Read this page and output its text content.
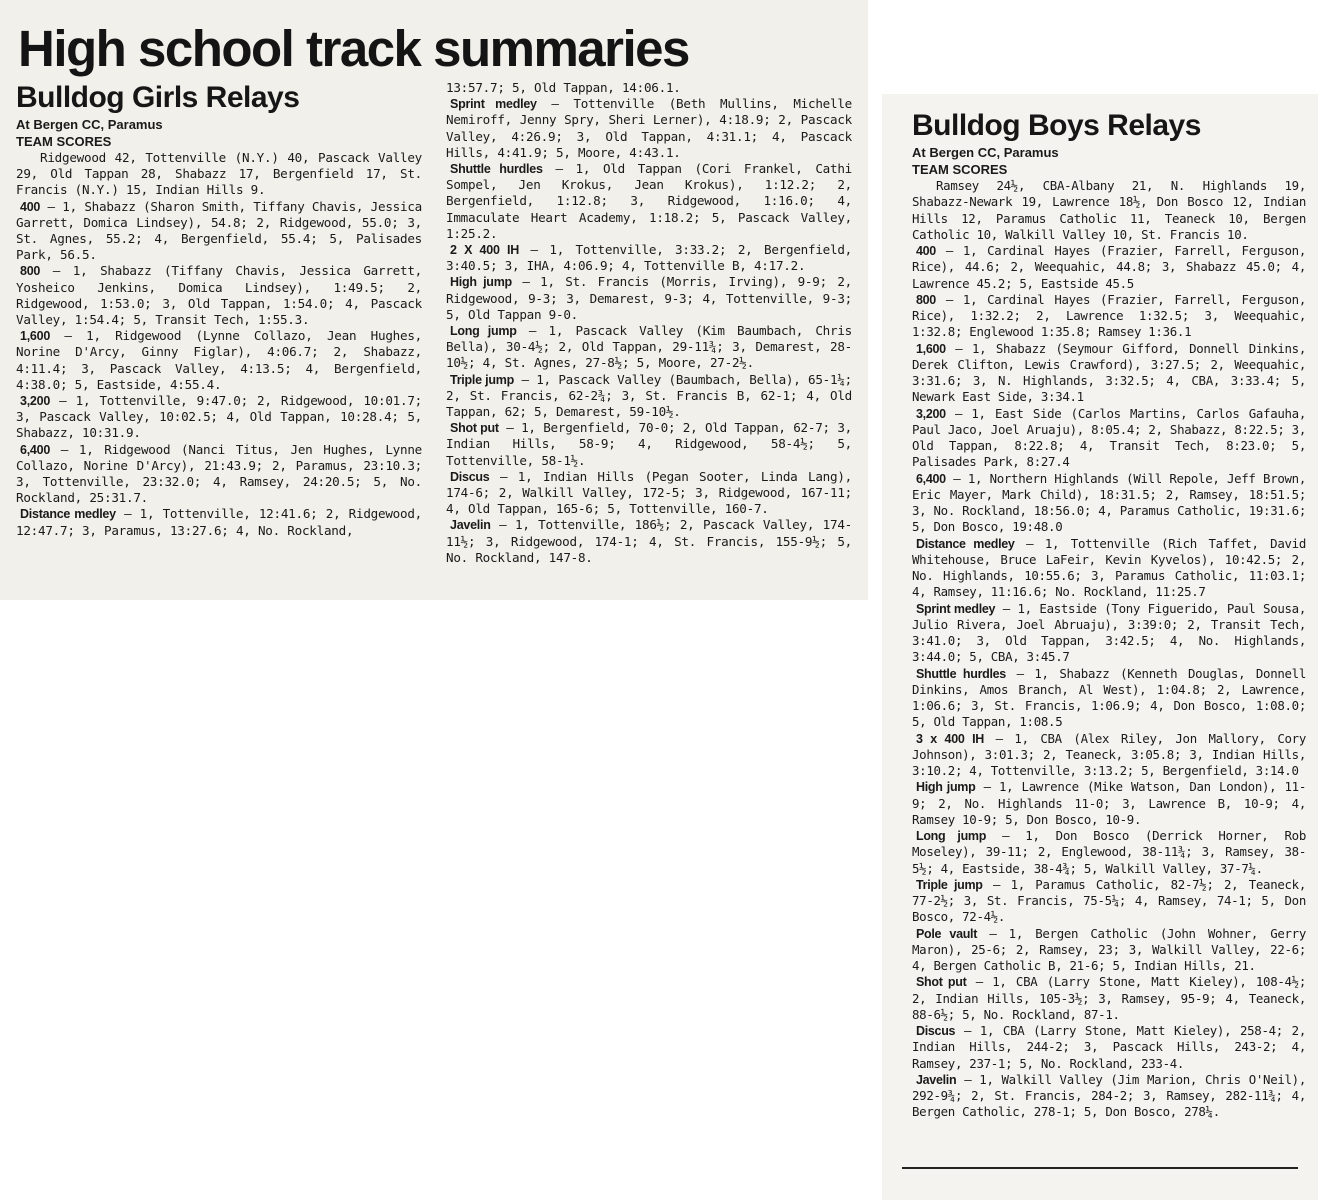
High school track summaries
Bulldog Girls Relays

At Bergen CC, Paramus

TEAM SCORES

Ridgewood 42, Tottenville (N.Y.) 40, Pascack Valley 29, Old Tappan 28, Shabazz 17, Bergenfield 17, St. Francis (N.Y.) 15, Indian Hills 9.

400 — 1, Shabazz (Sharon Smith, Tiffany Chavis, Jessica Garrett, Domica Lindsey), 54.8; 2, Ridgewood, 55.0; 3, St. Agnes, 55.2; 4, Bergenfield, 55.4; 5, Palisades Park, 56.5.

800 — 1, Shabazz (Tiffany Chavis, Jessica Garrett, Yosheico Jenkins, Domica Lindsey), 1:49.5; 2, Ridgewood, 1:53.0; 3, Old Tappan, 1:54.0; 4, Pascack Valley, 1:54.4; 5, Transit Tech, 1:55.3.

1,600 — 1, Ridgewood (Lynne Collazo, Jean Hughes, Norine D'Arcy, Ginny Figlar), 4:06.7; 2, Shabazz, 4:11.4; 3, Pascack Valley, 4:13.5; 4, Bergenfield, 4:38.0; 5, Eastside, 4:55.4.

3,200 — 1, Tottenville, 9:47.0; 2, Ridgewood, 10:01.7; 3, Pascack Valley, 10:02.5; 4, Old Tappan, 10:28.4; 5, Shabazz, 10:31.9.

6,400 — 1, Ridgewood (Nanci Titus, Jen Hughes, Lynne Collazo, Norine D'Arcy), 21:43.9; 2, Paramus, 23:10.3; 3, Tottenville, 23:32.0; 4, Ramsey, 24:20.5; 5, No. Rockland, 25:31.7.

Distance medley — 1, Tottenville, 12:41.6; 2, Ridgewood, 12:47.7; 3, Paramus, 13:27.6; 4, No. Rockland,

13:57.7; 5, Old Tappan, 14:06.1.

Sprint medley — Tottenville (Beth Mullins, Michelle Nemiroff, Jenny Spry, Sheri Lerner), 4:18.9; 2, Pascack Valley, 4:26.9; 3, Old Tappan, 4:31.1; 4, Pascack Hills, 4:41.9; 5, Moore, 4:43.1.

Shuttle hurdles — 1, Old Tappan (Cori Frankel, Cathi Sompel, Jen Krokus, Jean Krokus), 1:12.2; 2, Bergenfield, 1:12.8; 3, Ridgewood, 1:16.0; 4, Immaculate Heart Academy, 1:18.2; 5, Pascack Valley, 1:25.2.

2 X 400 IH — 1, Tottenville, 3:33.2; 2, Bergenfield, 3:40.5; 3, IHA, 4:06.9; 4, Tottenville B, 4:17.2.

High jump — 1, St. Francis (Morris, Irving), 9-9; 2, Ridgewood, 9-3; 3, Demarest, 9-3; 4, Tottenville, 9-3; 5, Old Tappan 9-0.

Long jump — 1, Pascack Valley (Kim Baumbach, Chris Bella), 30-4½; 2, Old Tappan, 29-11¾; 3, Demarest, 28-10½; 4, St. Agnes, 27-8½; 5, Moore, 27-2½.

Triple jump — 1, Pascack Valley (Baumbach, Bella), 65-1¼; 2, St. Francis, 62-2¾; 3, St. Francis B, 62-1; 4, Old Tappan, 62; 5, Demarest, 59-10½.

Shot put — 1, Bergenfield, 70-0; 2, Old Tappan, 62-7; 3, Indian Hills, 58-9; 4, Ridgewood, 58-4½; 5, Tottenville, 58-1½.

Discus — 1, Indian Hills (Pegan Sooter, Linda Lang), 174-6; 2, Walkill Valley, 172-5; 3, Ridgewood, 167-11; 4, Old Tappan, 165-6; 5, Tottenville, 160-7.

Javelin — 1, Tottenville, 186½; 2, Pascack Valley, 174-11½; 3, Ridgewood, 174-1; 4, St. Francis, 155-9½; 5, No. Rockland, 147-8.

Bulldog Boys Relays

At Bergen CC, Paramus

TEAM SCORES

Ramsey 24½, CBA-Albany 21, N. Highlands 19, Shabazz-Newark 19, Lawrence 18½, Don Bosco 12, Indian Hills 12, Paramus Catholic 11, Teaneck 10, Bergen Catholic 10, Walkill Valley 10, St. Francis 10.

400 — 1, Cardinal Hayes (Frazier, Farrell, Ferguson, Rice), 44.6; 2, Weequahic, 44.8; 3, Shabazz 45.0; 4, Lawrence 45.2; 5, Eastside 45.5

800 — 1, Cardinal Hayes (Frazier, Farrell, Ferguson, Rice), 1:32.2; 2, Lawrence 1:32.5; 3, Weequahic, 1:32.8; Englewood 1:35.8; Ramsey 1:36.1

1,600 — 1, Shabazz (Seymour Gifford, Donnell Dinkins, Derek Clifton, Lewis Crawford), 3:27.5; 2, Weequahic, 3:31.6; 3, N. Highlands, 3:32.5; 4, CBA, 3:33.4; 5, Newark East Side, 3:34.1

3,200 — 1, East Side (Carlos Martins, Carlos Gafauha, Paul Jaco, Joel Aruaju), 8:05.4; 2, Shabazz, 8:22.5; 3, Old Tappan, 8:22.8; 4, Transit Tech, 8:23.0; 5, Palisades Park, 8:27.4

6,400 — 1, Northern Highlands (Will Repole, Jeff Brown, Eric Mayer, Mark Child), 18:31.5; 2, Ramsey, 18:51.5; 3, No. Rockland, 18:56.0; 4, Paramus Catholic, 19:31.6; 5, Don Bosco, 19:48.0

Distance medley — 1, Tottenville (Rich Taffet, David Whitehouse, Bruce LaFeir, Kevin Kyvelos), 10:42.5; 2, No. Highlands, 10:55.6; 3, Paramus Catholic, 11:03.1; 4, Ramsey, 11:16.6; No. Rockland, 11:25.7

Sprint medley — 1, Eastside (Tony Figuerido, Paul Sousa, Julio Rivera, Joel Abruaju), 3:39:0; 2, Transit Tech, 3:41.0; 3, Old Tappan, 3:42.5; 4, No. Highlands, 3:44.0; 5, CBA, 3:45.7

Shuttle hurdles — 1, Shabazz (Kenneth Douglas, Donnell Dinkins, Amos Branch, Al West), 1:04.8; 2, Lawrence, 1:06.6; 3, St. Francis, 1:06.9; 4, Don Bosco, 1:08.0; 5, Old Tappan, 1:08.5

3 x 400 IH — 1, CBA (Alex Riley, Jon Mallory, Cory Johnson), 3:01.3; 2, Teaneck, 3:05.8; 3, Indian Hills, 3:10.2; 4, Tottenville, 3:13.2; 5, Bergenfield, 3:14.0

High jump — 1, Lawrence (Mike Watson, Dan London), 11-9; 2, No. Highlands 11-0; 3, Lawrence B, 10-9; 4, Ramsey 10-9; 5, Don Bosco, 10-9.

Long jump — 1, Don Bosco (Derrick Horner, Rob Moseley), 39-11; 2, Englewood, 38-11¾; 3, Ramsey, 38-5½; 4, Eastside, 38-4¾; 5, Walkill Valley, 37-7¼.

Triple jump — 1, Paramus Catholic, 82-7½; 2, Teaneck, 77-2½; 3, St. Francis, 75-5¼; 4, Ramsey, 74-1; 5, Don Bosco, 72-4½.

Pole vault — 1, Bergen Catholic (John Wohner, Gerry Maron), 25-6; 2, Ramsey, 23; 3, Walkill Valley, 22-6; 4, Bergen Catholic B, 21-6; 5, Indian Hills, 21.

Shot put — 1, CBA (Larry Stone, Matt Kieley), 108-4½; 2, Indian Hills, 105-3½; 3, Ramsey, 95-9; 4, Teaneck, 88-6½; 5, No. Rockland, 87-1.

Discus — 1, CBA (Larry Stone, Matt Kieley), 258-4; 2, Indian Hills, 244-2; 3, Pascack Hills, 243-2; 4, Ramsey, 237-1; 5, No. Rockland, 233-4.

Javelin — 1, Walkill Valley (Jim Marion, Chris O'Neil), 292-9¾; 2, St. Francis, 284-2; 3, Ramsey, 282-11¾; 4, Bergen Catholic, 278-1; 5, Don Bosco, 278¼.
